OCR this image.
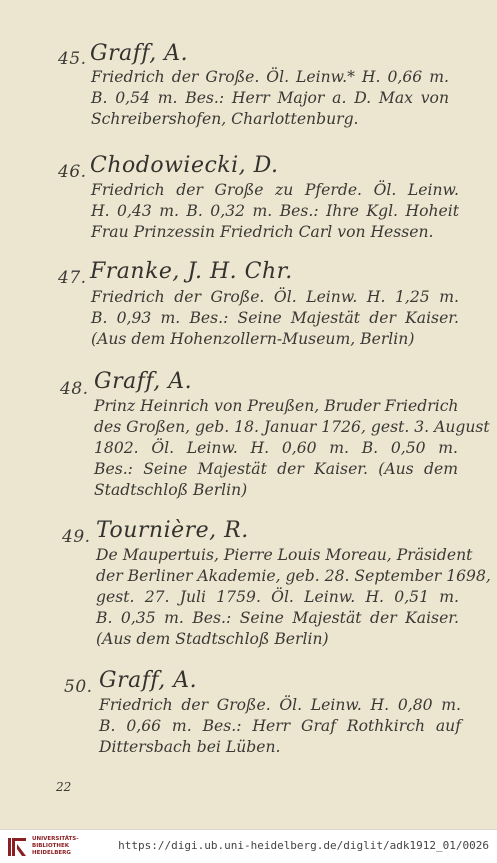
45. Graff, A.
Friedrich der Große. Öl. Leinw.* H. 0,66 m.
B. 0,54 m. Bes.: Herr Major a. D. Max von
Schreibershofen, Charlottenburg.
46. Chodowiecki, D.
Friedrich der Große zu Pferde. Öl. Leinw.
H. 0,43 m. B. 0,32 m. Bes.: Ihre Kgl. Hoheit
Frau Prinzessin Friedrich Carl von Hessen.
47. Franke, J. H. Chr.
Friedrich der Große. Öl. Leinw. H. 1,25 m.
B. 0,93 m. Bes.: Seine Majestät der Kaiser.
(Aus dem Hohenzollern-Museum, Berlin)
48. Graff, A.
Prinz Heinrich von Preußen, Bruder Friedrich
des Großen, geb. 18. Januar 1726, gest. 3. August
1802. Öl. Leinw. H. 0,60 m. B. 0,50 m.
Bes.: Seine Majestät der Kaiser. (Aus dem
Stadtschloß Berlin)
49. Tournière, R.
De Maupertuis, Pierre Louis Moreau, Präsident
der Berliner Akademie, geb. 28. September 1698,
gest. 27. Juli 1759. Öl. Leinw. H. 0,51 m.
B. 0,35 m. Bes.: Seine Majestät der Kaiser.
(Aus dem Stadtschloß Berlin)
50. Graff, A.
Friedrich der Große. Öl. Leinw. H. 0,80 m.
B. 0,66 m. Bes.: Herr Graf Rothkirch auf
Dittersbach bei Lüben.
22
UNIVERSITÄTS-
BIBLIOTHEK
HEIDELBERG
https://digi.ub.uni-heidelberg.de/diglit/adk1912_01/0026
